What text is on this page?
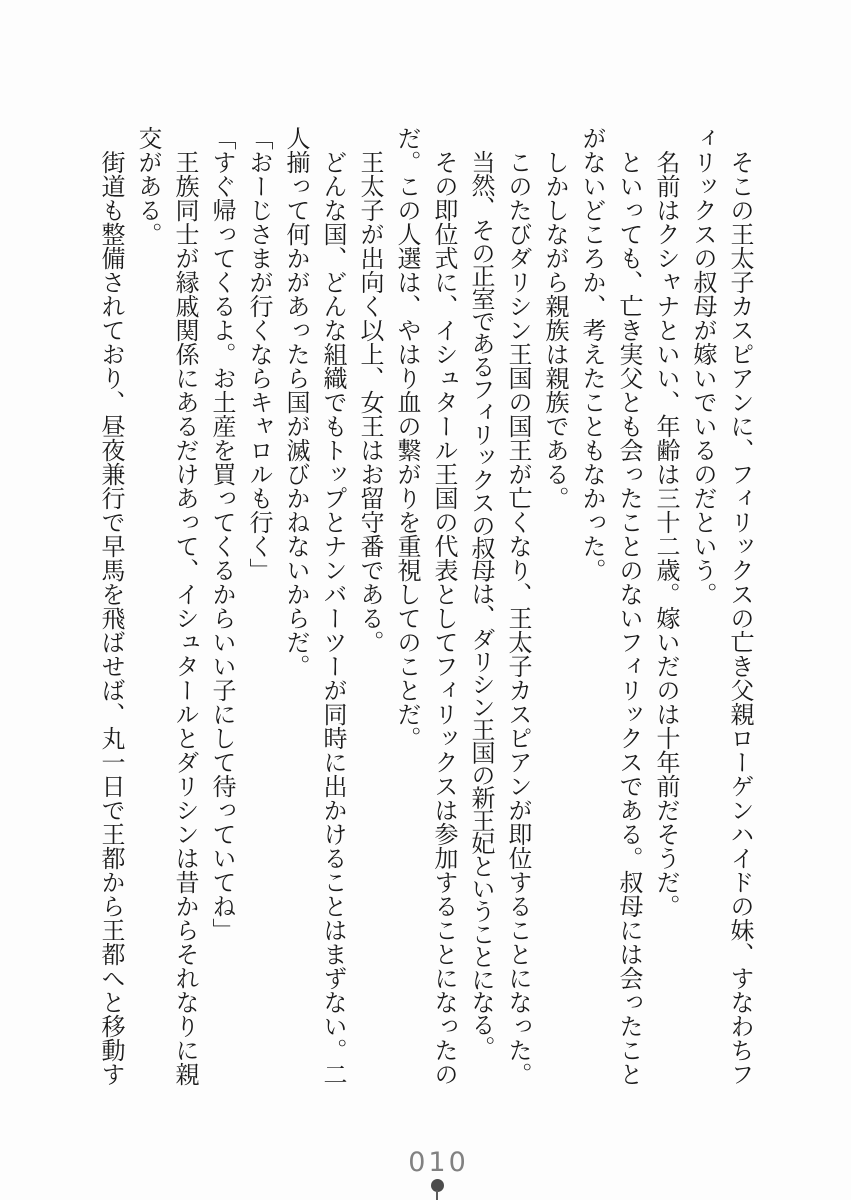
そこの王太子カスピアンに、フィリックスの亡き父親ローゲンハイドの妹、すなわちフ

ィリックスの叔母が嫁いでいるのだという。

名前はクシャナといい、年齢は三十二歳。嫁いだのは十年前だそうだ。

といっても、亡き実父とも会ったことのないフィリックスである。叔母には会ったこと

がないどころか、考えたこともなかった。

しかしながら親族は親族である。

このたびダリシン王国の国王が亡くなり、王太子カスピアンが即位することになった。

当然、その正室であるフィリックスの叔母は、ダリシン王国の新王妃ということになる。

その即位式に、イシュタール王国の代表としてフィリックスは参加することになったの

だ。この人選は、やはり血の繋がりを重視してのことだ。

王太子が出向く以上、女王はお留守番である。

どんな国、どんな組織でもトップとナンバーツーが同時に出かけることはまずない。二

人揃って何かがあったら国が滅びかねないからだ。

「おーじさまが行くならキャロルも行く」

「すぐ帰ってくるよ。お土産を買ってくるからいい子にして待っていてね」

王族同士が縁戚関係にあるだけあって、イシュタールとダリシンは昔からそれなりに親

交がある。

街道も整備されており、昼夜兼行で早馬を飛ばせば、丸一日で王都から王都へと移動す

010
